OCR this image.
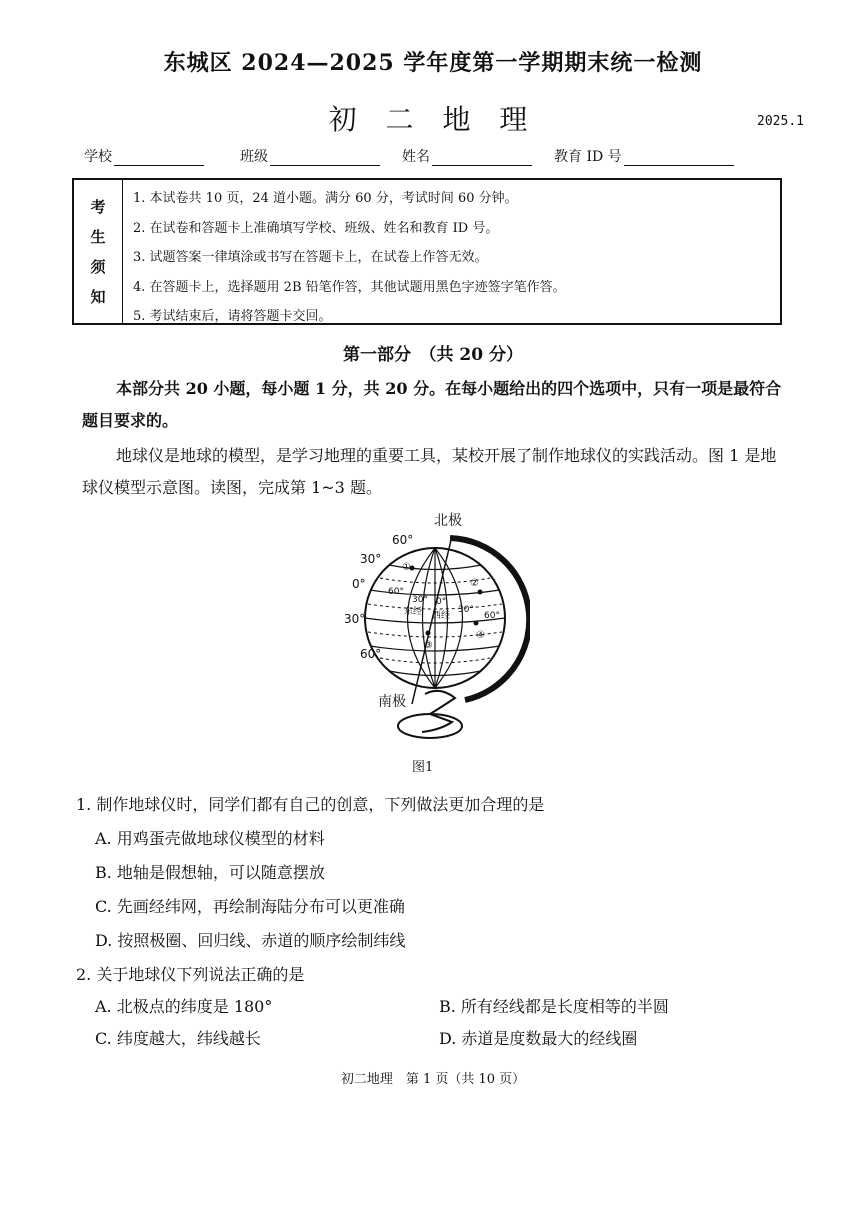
东城区 2024—2025 学年度第一学期期末统一检测
初 二 地 理	2025.1
学校	班级	姓名	教育 ID 号
考
生
须
知
1. 本试卷共 10 页，24 道小题。满分 60 分，考试时间 60 分钟。
2. 在试卷和答题卡上准确填写学校、班级、姓名和教育 ID 号。
3. 试题答案一律填涂或书写在答题卡上，在试卷上作答无效。
4. 在答题卡上，选择题用 2B 铅笔作答，其他试题用黑色字迹签字笔作答。
5. 考试结束后，请将答题卡交回。
第一部分　（共 20 分）
本部分共 20 小题，每小题 1 分，共 20 分。在每小题给出的四个选项中，只有一项是最符合题目要求的。
地球仪是地球的模型，是学习地理的重要工具，某校开展了制作地球仪的实践活动。图 1 是地球仪模型示意图。读图，完成第 1~3 题。
北极
南极
60°
30°
0°
30°
60°
60°
30° 0°
30°
60°
东经 西经
①
②
③
④
图1
1. 制作地球仪时，同学们都有自己的创意，下列做法更加合理的是
A. 用鸡蛋壳做地球仪模型的材料
B. 地轴是假想轴，可以随意摆放
C. 先画经纬网，再绘制海陆分布可以更准确
D. 按照极圈、回归线、赤道的顺序绘制纬线
2. 关于地球仪下列说法正确的是
A. 北极点的纬度是 180°	B. 所有经线都是长度相等的半圆
C. 纬度越大，纬线越长	D. 赤道是度数最大的经线圈
初二地理　第 1 页（共 10 页）
